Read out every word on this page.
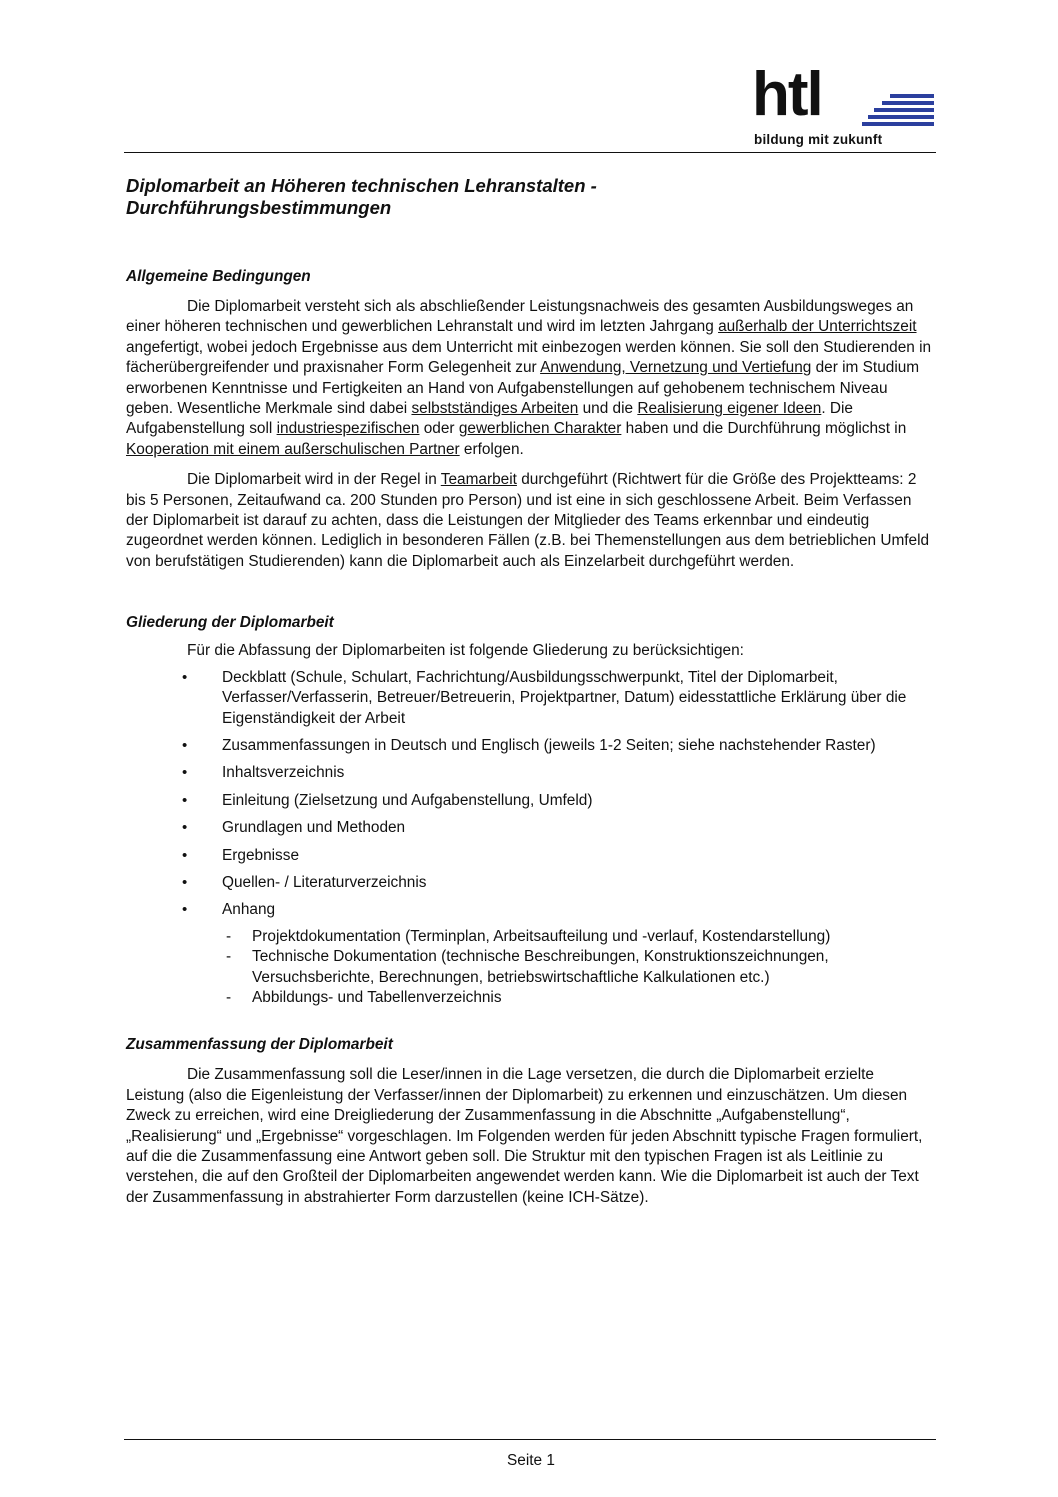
htl
bildung mit zukunft
Diplomarbeit an Höheren technischen Lehranstalten -
Durchführungsbestimmungen
Allgemeine Bedingungen

Die Diplomarbeit versteht sich als abschließender Leistungsnachweis des gesamten Ausbildungsweges an einer höheren technischen und gewerblichen Lehranstalt und wird im letzten Jahrgang außerhalb der Unterrichtszeit angefertigt, wobei jedoch Ergebnisse aus dem Unterricht mit einbezogen werden können. Sie soll den Studierenden in fächerübergreifender und praxisnaher Form Gelegenheit zur Anwendung, Vernetzung und Vertiefung der im Studium erworbenen Kenntnisse und Fertigkeiten an Hand von Aufgabenstellungen auf gehobenem technischem Niveau geben. Wesentliche Merkmale sind dabei selbstständiges Arbeiten und die Realisierung eigener Ideen. Die Aufgabenstellung soll industriespezifischen oder gewerblichen Charakter haben und die Durchführung möglichst in Kooperation mit einem außerschulischen Partner erfolgen.

Die Diplomarbeit wird in der Regel in Teamarbeit durchgeführt (Richtwert für die Größe des Projektteams: 2 bis 5 Personen, Zeitaufwand ca. 200 Stunden pro Person) und ist eine in sich geschlossene Arbeit. Beim Verfassen der Diplomarbeit ist darauf zu achten, dass die Leistungen der Mitglieder des Teams erkennbar und eindeutig zugeordnet werden können. Lediglich in besonderen Fällen (z.B. bei Themenstellungen aus dem betrieblichen Umfeld von berufstätigen Studierenden) kann die Diplomarbeit auch als Einzelarbeit durchgeführt werden.

Gliederung der Diplomarbeit

Für die Abfassung der Diplomarbeiten ist folgende Gliederung zu berücksichtigen:

• Deckblatt (Schule, Schulart, Fachrichtung/Ausbildungsschwerpunkt, Titel der Diplomarbeit, Verfasser/Verfasserin, Betreuer/Betreuerin, Projektpartner, Datum) eidesstattliche Erklärung über die Eigenständigkeit der Arbeit
• Zusammenfassungen in Deutsch und Englisch (jeweils 1-2 Seiten; siehe nachstehender Raster)
• Inhaltsverzeichnis
• Einleitung (Zielsetzung und Aufgabenstellung, Umfeld)
• Grundlagen und Methoden
• Ergebnisse
• Quellen- / Literaturverzeichnis
• Anhang
- Projektdokumentation (Terminplan, Arbeitsaufteilung und -verlauf, Kostendarstellung)
- Technische Dokumentation (technische Beschreibungen, Konstruktionszeichnungen, Versuchsberichte, Berechnungen, betriebswirtschaftliche Kalkulationen etc.)
- Abbildungs- und Tabellenverzeichnis
Zusammenfassung der Diplomarbeit

Die Zusammenfassung soll die Leser/innen in die Lage versetzen, die durch die Diplomarbeit erzielte Leistung (also die Eigenleistung der Verfasser/innen der Diplomarbeit) zu erkennen und einzuschätzen. Um diesen Zweck zu erreichen, wird eine Dreigliederung der Zusammenfassung in die Abschnitte „Aufgabenstellung“, „Realisierung“ und „Ergebnisse“ vorgeschlagen. Im Folgenden werden für jeden Abschnitt typische Fragen formuliert, auf die die Zusammenfassung eine Antwort geben soll. Die Struktur mit den typischen Fragen ist als Leitlinie zu verstehen, die auf den Großteil der Diplomarbeiten angewendet werden kann. Wie die Diplomarbeit ist auch der Text der Zusammenfassung in abstrahierter Form darzustellen (keine ICH-Sätze).

Seite 1
